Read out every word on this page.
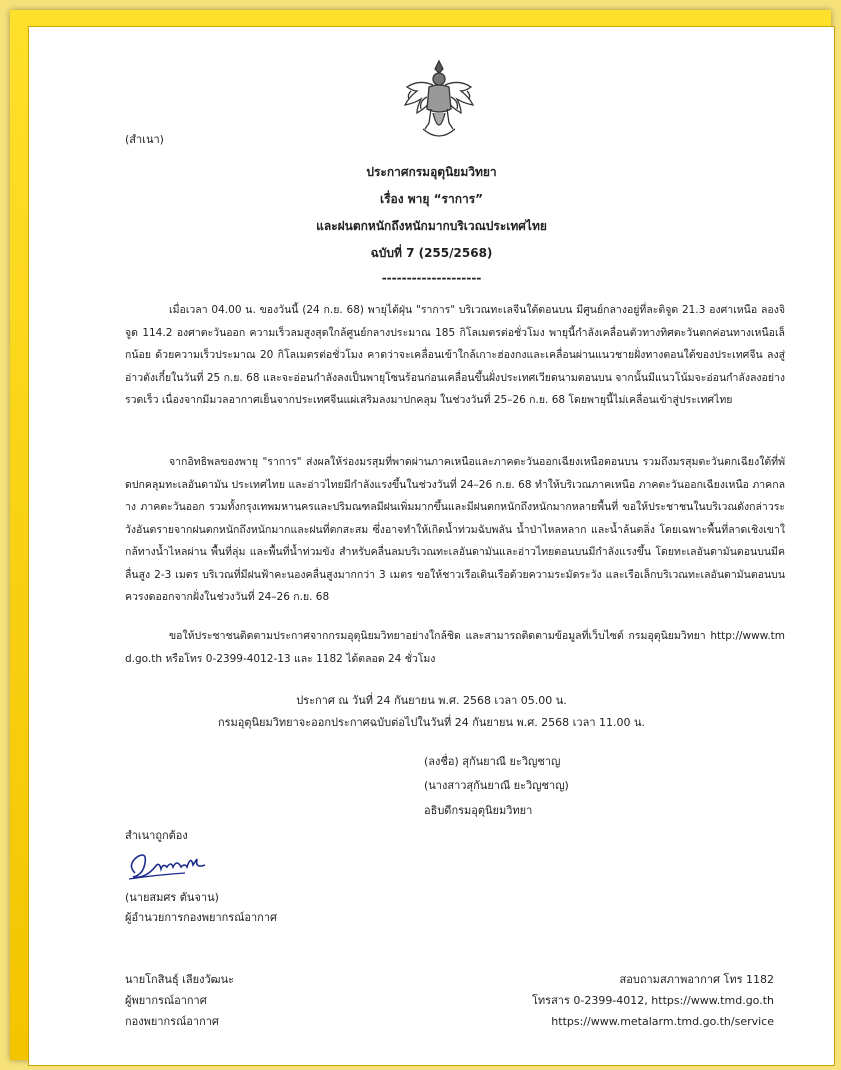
(สำเนา)
ประกาศกรมอุตุนิยมวิทยา
เรื่อง พายุ “ราการ”
และฝนตกหนักถึงหนักมากบริเวณประเทศไทย
ฉบับที่ 7 (255/2568)
--------------------
เมื่อเวลา 04.00 น. ของวันนี้ (24 ก.ย. 68) พายุไต้ฝุ่น "ราการ" บริเวณทะเลจีนใต้ตอนบน มีศูนย์กลางอยู่ที่ละติจูด 21.3 องศาเหนือ ลองจิจูด 114.2 องศาตะวันออก ความเร็วลมสูงสุดใกล้ศูนย์กลางประมาณ 185 กิโลเมตรต่อชั่วโมง พายุนี้กำลังเคลื่อนตัวทางทิศตะวันตกค่อนทางเหนือเล็กน้อย ด้วยความเร็วประมาณ 20 กิโลเมตรต่อชั่วโมง คาดว่าจะเคลื่อนเข้าใกล้เกาะฮ่องกงและเคลื่อนผ่านแนวชายฝั่งทางตอนใต้ของประเทศจีน ลงสู่อ่าวตังเกี๋ยในวันที่ 25 ก.ย. 68 และจะอ่อนกำลังลงเป็นพายุโซนร้อนก่อนเคลื่อนขึ้นฝั่งประเทศเวียดนามตอนบน จากนั้นมีแนวโน้มจะอ่อนกำลังลงอย่างรวดเร็ว เนื่องจากมีมวลอากาศเย็นจากประเทศจีนแผ่เสริมลงมาปกคลุม ในช่วงวันที่ 25–26 ก.ย. 68 โดยพายุนี้ไม่เคลื่อนเข้าสู่ประเทศไทย
จากอิทธิพลของพายุ "ราการ" ส่งผลให้ร่องมรสุมที่พาดผ่านภาคเหนือและภาคตะวันออกเฉียงเหนือตอนบน รวมถึงมรสุมตะวันตกเฉียงใต้ที่พัดปกคลุมทะเลอันดามัน ประเทศไทย และอ่าวไทยมีกำลังแรงขึ้นในช่วงวันที่ 24–26 ก.ย. 68 ทำให้บริเวณภาคเหนือ ภาคตะวันออกเฉียงเหนือ ภาคกลาง ภาคตะวันออก รวมทั้งกรุงเทพมหานครและปริมณฑลมีฝนเพิ่มมากขึ้นและมีฝนตกหนักถึงหนักมากหลายพื้นที่ ขอให้ประชาชนในบริเวณดังกล่าวระวังอันตรายจากฝนตกหนักถึงหนักมากและฝนที่ตกสะสม ซึ่งอาจทำให้เกิดน้ำท่วมฉับพลัน น้ำป่าไหลหลาก และน้ำล้นตลิ่ง โดยเฉพาะพื้นที่ลาดเชิงเขาใกล้ทางน้ำไหลผ่าน พื้นที่ลุ่ม และพื้นที่น้ำท่วมขัง สำหรับคลื่นลมบริเวณทะเลอันดามันและอ่าวไทยตอนบนมีกำลังแรงขึ้น โดยทะเลอันดามันตอนบนมีคลื่นสูง 2-3 เมตร บริเวณที่มีฝนฟ้าคะนองคลื่นสูงมากกว่า 3 เมตร ขอให้ชาวเรือเดินเรือด้วยความระมัดระวัง และเรือเล็กบริเวณทะเลอันดามันตอนบนควรงดออกจากฝั่งในช่วงวันที่ 24–26 ก.ย. 68
ขอให้ประชาชนติดตามประกาศจากกรมอุตุนิยมวิทยาอย่างใกล้ชิด และสามารถติดตามข้อมูลที่เว็บไซต์ กรมอุตุนิยมวิทยา http://www.tmd.go.th หรือโทร 0-2399-4012-13 และ 1182 ได้ตลอด 24 ชั่วโมง
ประกาศ ณ วันที่ 24 กันยายน พ.ศ. 2568 เวลา 05.00 น.
กรมอุตุนิยมวิทยาจะออกประกาศฉบับต่อไปในวันที่ 24 กันยายน พ.ศ. 2568 เวลา 11.00 น.
(ลงชื่อ) สุกันยาณี ยะวิญชาญ
(นางสาวสุกันยาณี ยะวิญชาญ)
อธิบดีกรมอุตุนิยมวิทยา
สำเนาถูกต้อง
(นายสมศร ตันจาน)
ผู้อำนวยการกองพยากรณ์อากาศ
นายโกสินธุ์ เลียงวัฒนะ
ผู้พยากรณ์อากาศ
กองพยากรณ์อากาศ
สอบถามสภาพอากาศ โทร 1182
โทรสาร 0-2399-4012, https://www.tmd.go.th
https://www.metalarm.tmd.go.th/service
